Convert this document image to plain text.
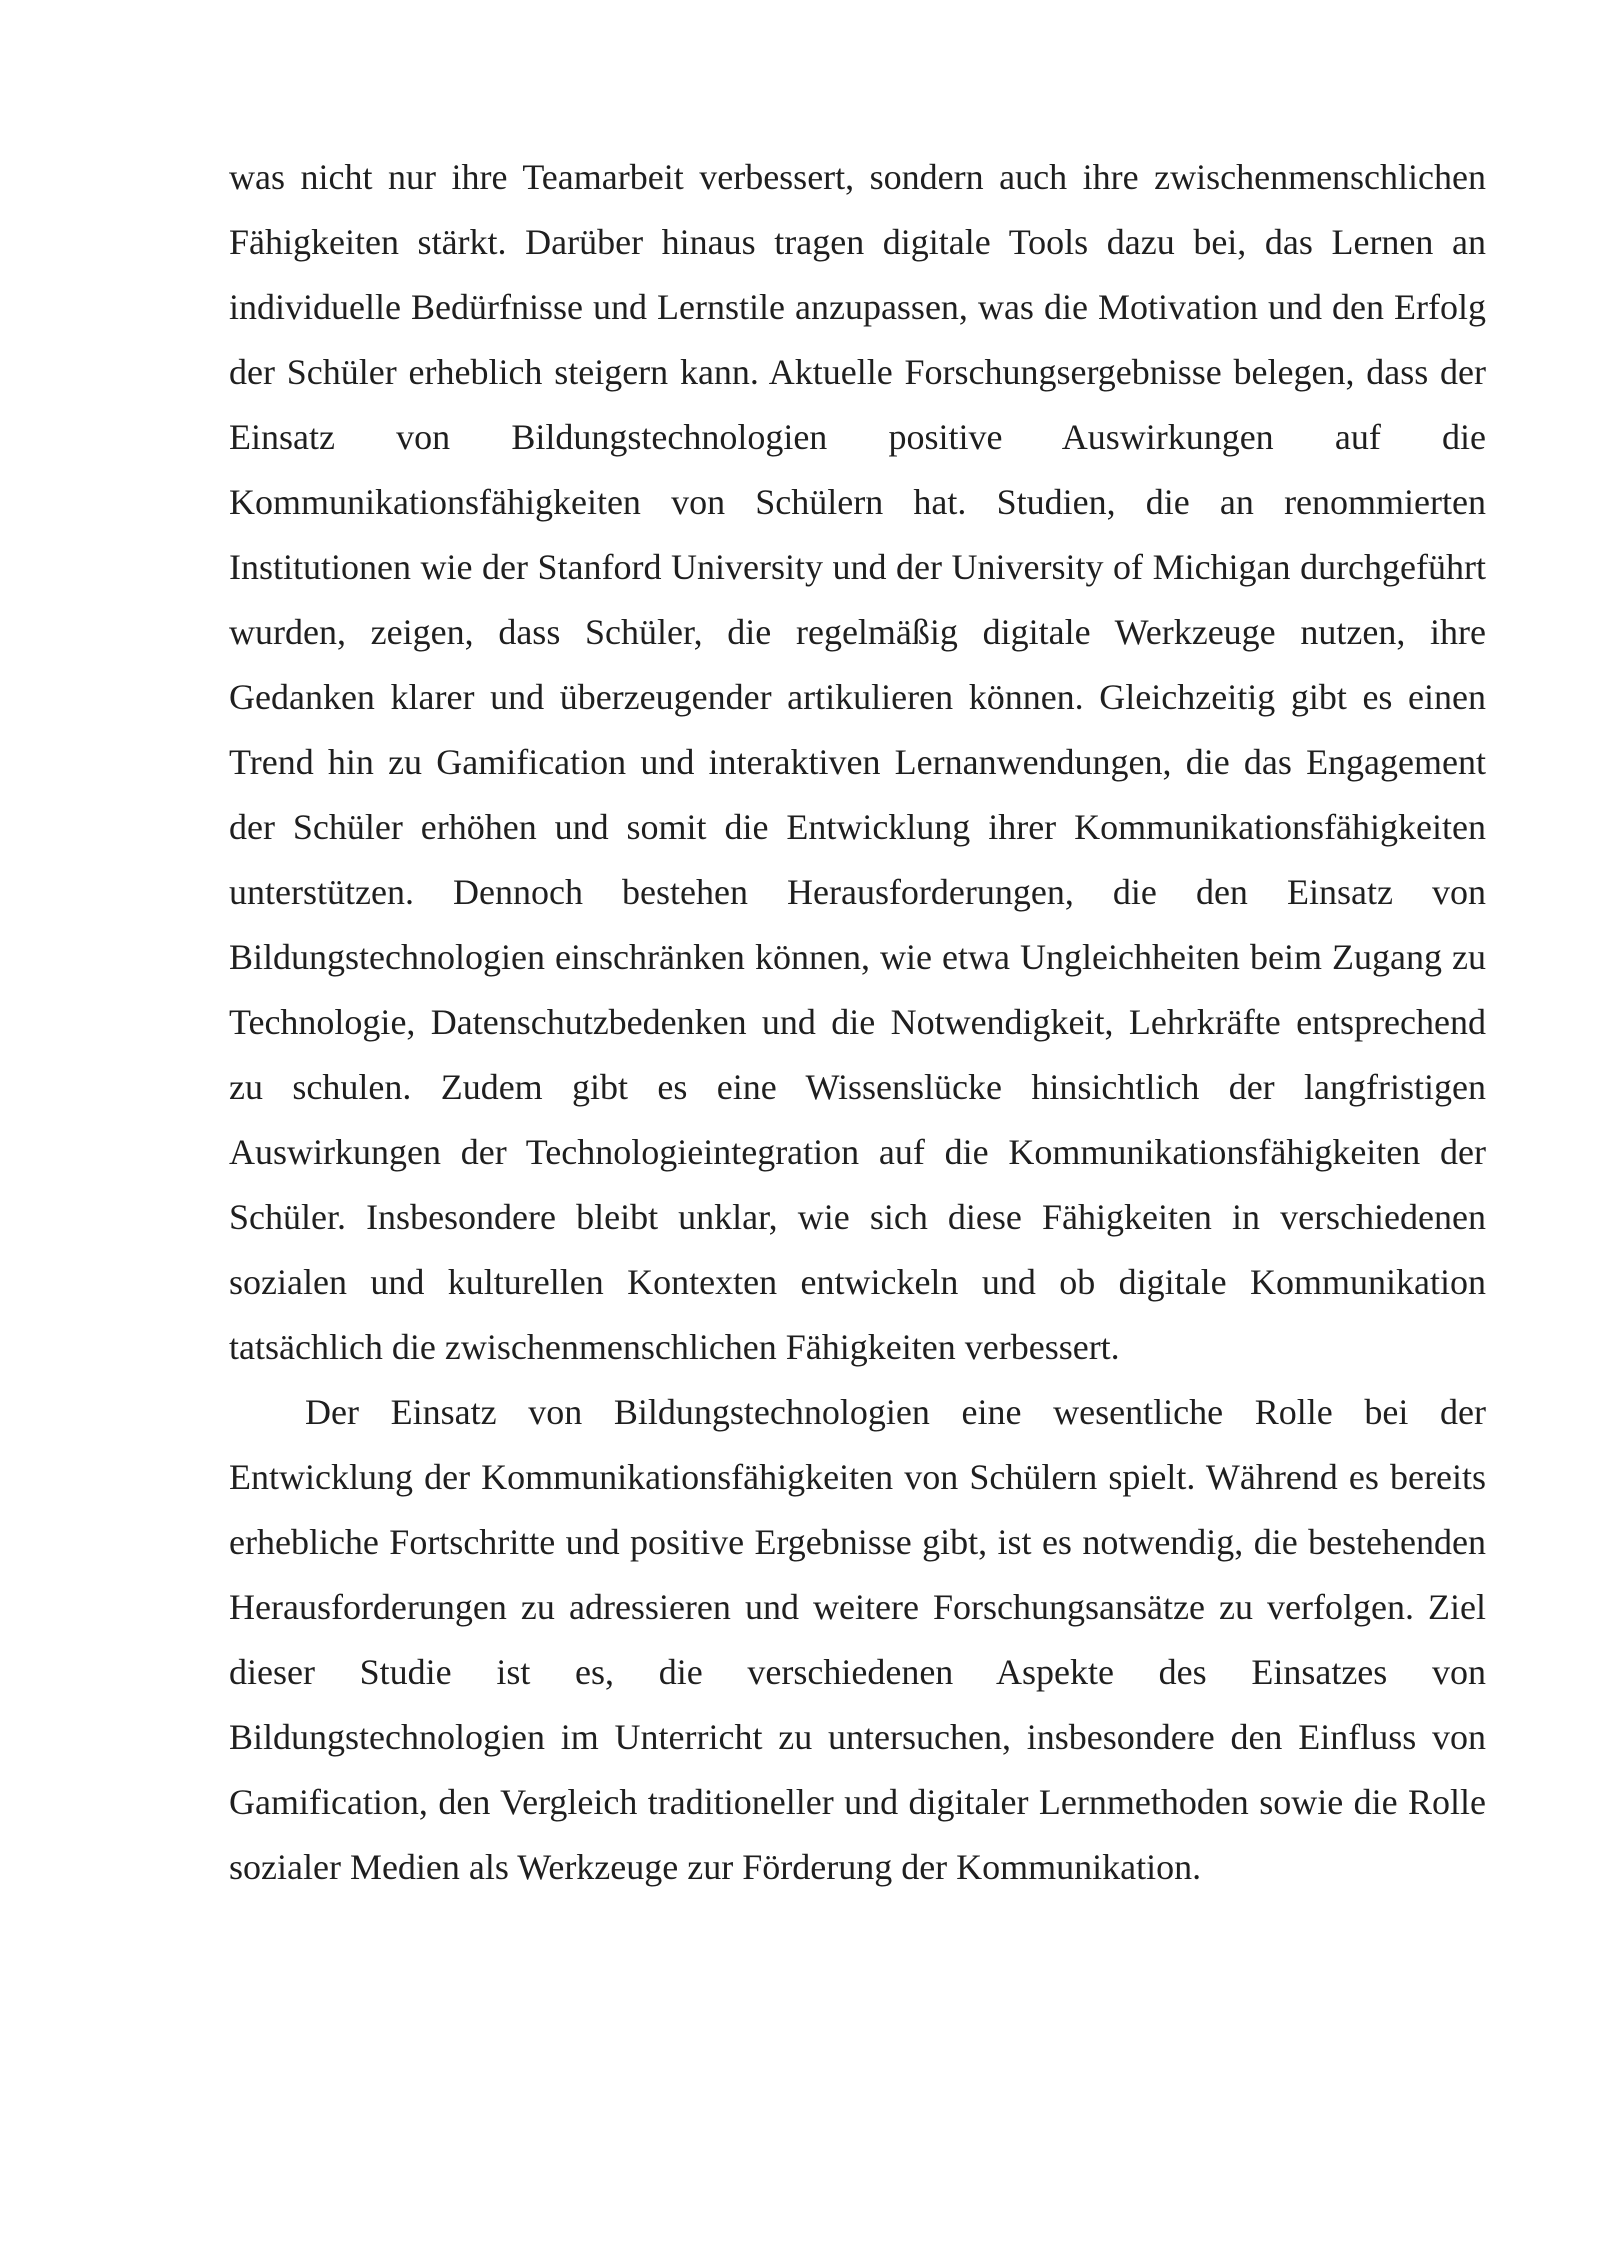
was nicht nur ihre Teamarbeit verbessert, sondern auch ihre zwischenmenschlichen Fähigkeiten stärkt. Darüber hinaus tragen digitale Tools dazu bei, das Lernen an individuelle Bedürfnisse und Lernstile anzupassen, was die Motivation und den Erfolg der Schüler erheblich steigern kann. Aktuelle Forschungsergebnisse belegen, dass der Einsatz von Bildungstechnologien positive Auswirkungen auf die Kommunikationsfähigkeiten von Schülern hat. Studien, die an renommierten Institutionen wie der Stanford University und der University of Michigan durchgeführt wurden, zeigen, dass Schüler, die regelmäßig digitale Werkzeuge nutzen, ihre Gedanken klarer und überzeugender artikulieren können. Gleichzeitig gibt es einen Trend hin zu Gamification und interaktiven Lernanwendungen, die das Engagement der Schüler erhöhen und somit die Entwicklung ihrer Kommunikationsfähigkeiten unterstützen. Dennoch bestehen Herausforderungen, die den Einsatz von Bildungstechnologien einschränken können, wie etwa Ungleichheiten beim Zugang zu Technologie, Datenschutzbedenken und die Notwendigkeit, Lehrkräfte entsprechend zu schulen. Zudem gibt es eine Wissenslücke hinsichtlich der langfristigen Auswirkungen der Technologieintegration auf die Kommunikationsfähigkeiten der Schüler. Insbesondere bleibt unklar, wie sich diese Fähigkeiten in verschiedenen sozialen und kulturellen Kontexten entwickeln und ob digitale Kommunikation tatsächlich die zwischenmenschlichen Fähigkeiten verbessert.

Der Einsatz von Bildungstechnologien eine wesentliche Rolle bei der Entwicklung der Kommunikationsfähigkeiten von Schülern spielt. Während es bereits erhebliche Fortschritte und positive Ergebnisse gibt, ist es notwendig, die bestehenden Herausforderungen zu adressieren und weitere Forschungsansätze zu verfolgen. Ziel dieser Studie ist es, die verschiedenen Aspekte des Einsatzes von Bildungstechnologien im Unterricht zu untersuchen, insbesondere den Einfluss von Gamification, den Vergleich traditioneller und digitaler Lernmethoden sowie die Rolle sozialer Medien als Werkzeuge zur Förderung der Kommunikation.
